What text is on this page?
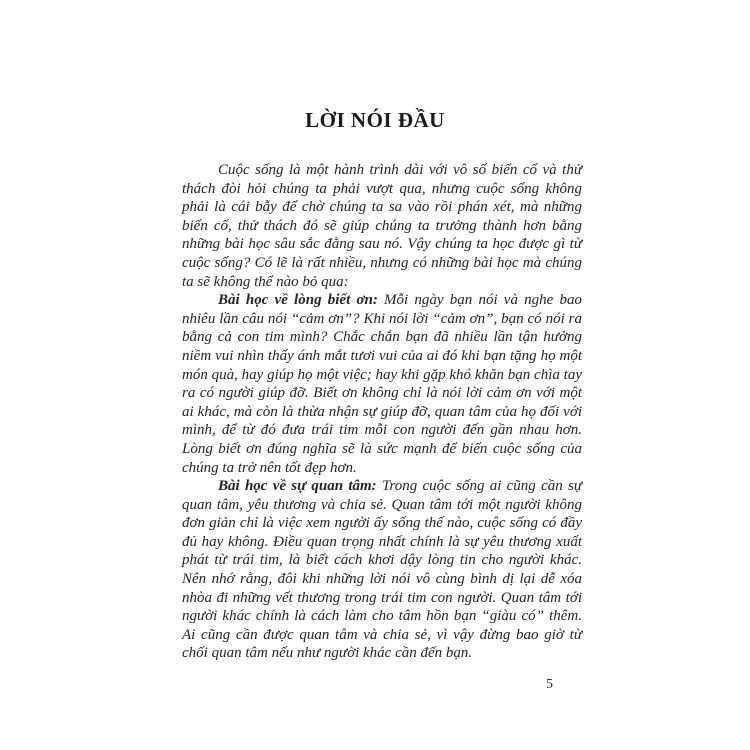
LỜI NÓI ĐẦU

Cuộc sống là một hành trình dài với vô số biến cố và thử thách đòi hỏi chúng ta phải vượt qua, nhưng cuộc sống không phải là cái bẫy để chờ chúng ta sa vào rồi phán xét, mà những biến cố, thử thách đó sẽ giúp chúng ta trưởng thành hơn bằng những bài học sâu sắc đằng sau nó. Vậy chúng ta học được gì từ cuộc sống? Có lẽ là rất nhiều, nhưng có những bài học mà chúng ta sẽ không thể nào bỏ qua:

Bài học về lòng biết ơn: Mỗi ngày bạn nói và nghe bao nhiêu lần câu nói “cảm ơn”? Khi nói lời “cảm ơn”, bạn có nói ra bằng cả con tim mình? Chắc chắn bạn đã nhiều lần tận hưởng niềm vui nhìn thấy ánh mắt tươi vui của ai đó khi bạn tặng họ một món quà, hay giúp họ một việc; hay khi gặp khó khăn bạn chìa tay ra có người giúp đỡ. Biết ơn không chỉ là nói lời cảm ơn với một ai khác, mà còn là thừa nhận sự giúp đỡ, quan tâm của họ đối với mình, để từ đó đưa trái tim mỗi con người đến gần nhau hơn. Lòng biết ơn đúng nghĩa sẽ là sức mạnh để biến cuộc sống của chúng ta trở nên tốt đẹp hơn.

Bài học về sự quan tâm: Trong cuộc sống ai cũng cần sự quan tâm, yêu thương và chia sẻ. Quan tâm tới một người không đơn giản chỉ là việc xem người ấy sống thế nào, cuộc sống có đầy đủ hay không. Điều quan trọng nhất chính là sự yêu thương xuất phát từ trái tim, là biết cách khơi dậy lòng tin cho người khác. Nên nhớ rằng, đôi khi những lời nói vô cùng bình dị lại dễ xóa nhòa đi những vết thương trong trái tim con người. Quan tâm tới người khác chính là cách làm cho tâm hồn bạn “giàu có” thêm. Ai cũng cần được quan tâm và chia sẻ, vì vậy đừng bao giờ từ chối quan tâm nếu như người khác cần đến bạn.

5
